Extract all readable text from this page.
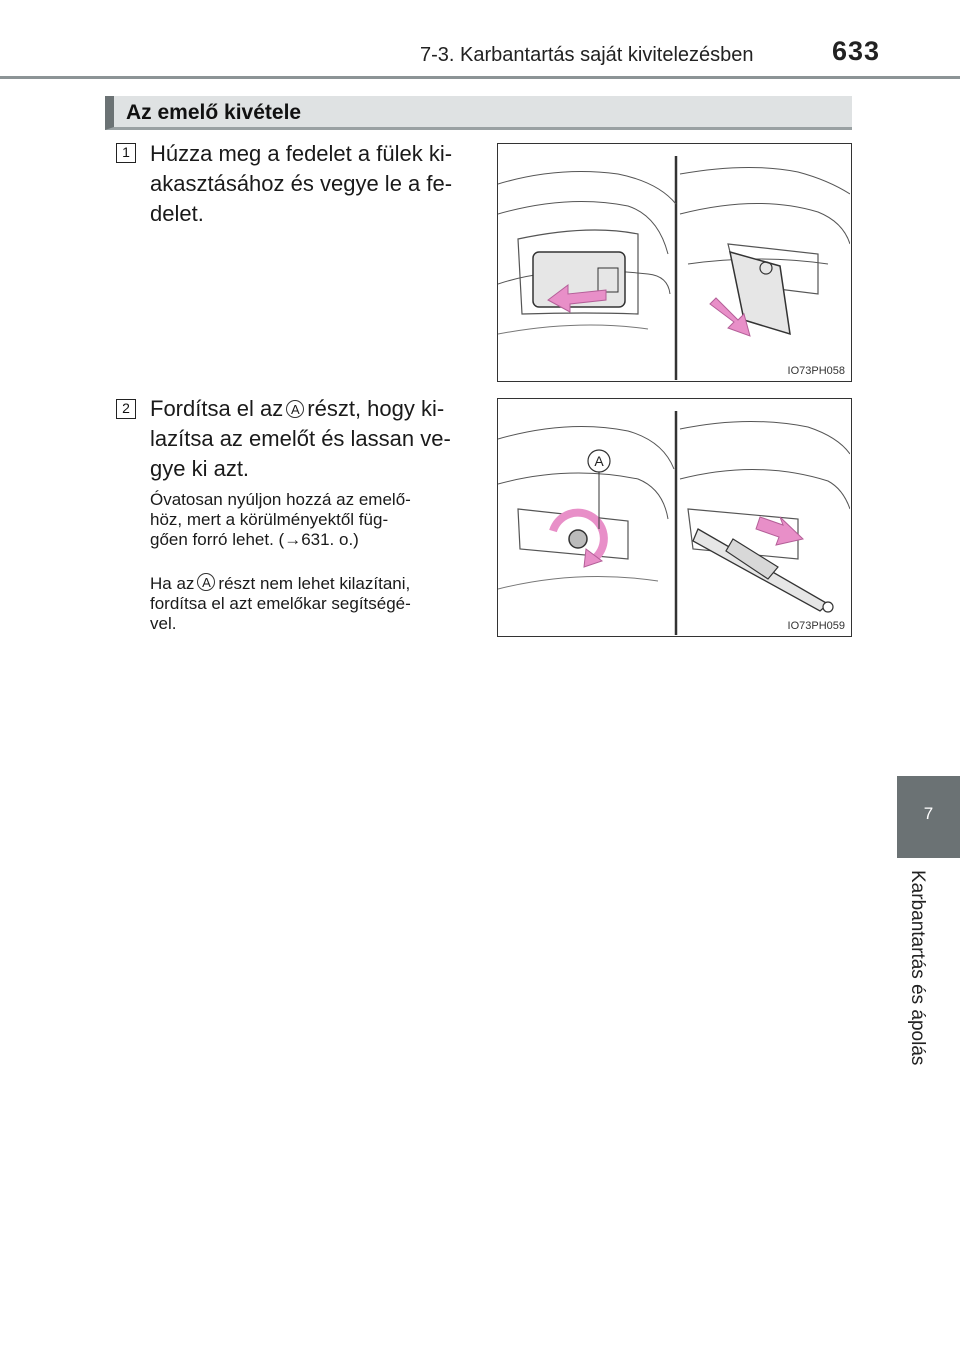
7-3. Karbantartás saját kivitelezésben	633
Az emelő kivétele
1 Húzza meg a fedelet a fülek ki-
akasztásához és vegye le a fe-
delet.
IO73PH058
2 Fordítsa el az A részt, hogy ki-
lazítsa az emelőt és lassan ve-
gye ki azt.
Óvatosan nyúljon hozzá az emelő-
höz, mert a körülményektől füg-
gően forró lehet. (→631. o.)
Ha az A részt nem lehet kilazítani,
fordítsa el azt emelőkar segítségé-
vel.
A
IO73PH059
7
Karbantartás és ápolás
